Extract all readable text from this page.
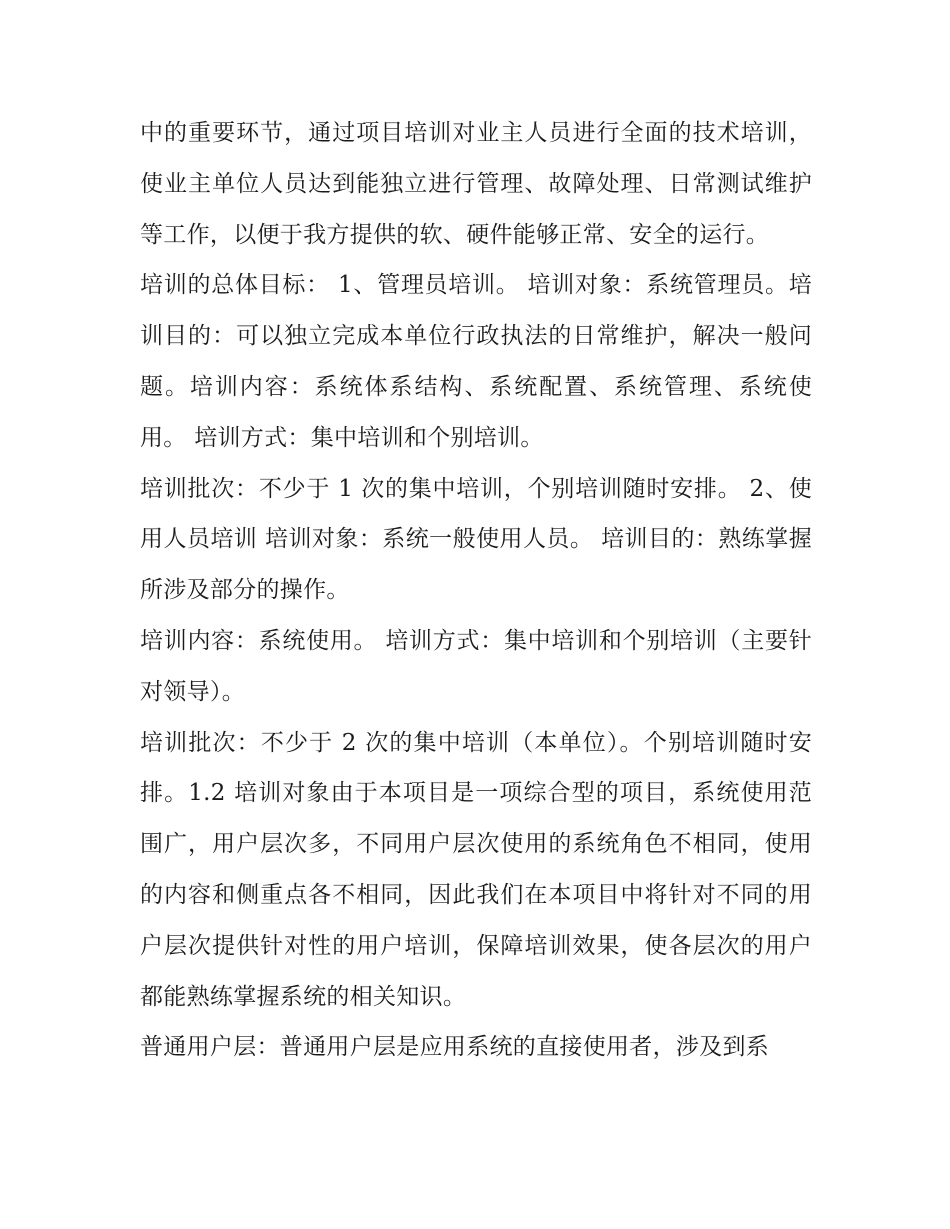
中的重要环节，通过项目培训对业主人员进行全面的技术培训，使业主单位人员达到能独立进行管理、故障处理、日常测试维护等工作，以便于我方提供的软、硬件能够正常、安全的运行。

培训的总体目标： 1、管理员培训。 培训对象：系统管理员。培训目的：可以独立完成本单位行政执法的日常维护，解决一般问题。培训内容：系统体系结构、系统配置、系统管理、系统使用。 培训方式：集中培训和个别培训。

培训批次：不少于 1 次的集中培训，个别培训随时安排。 2、使用人员培训 培训对象：系统一般使用人员。 培训目的：熟练掌握所涉及部分的操作。

培训内容：系统使用。 培训方式：集中培训和个别培训（主要针对领导）。

培训批次：不少于 2 次的集中培训（本单位）。个别培训随时安排。1.2 培训对象由于本项目是一项综合型的项目，系统使用范围广，用户层次多，不同用户层次使用的系统角色不相同，使用的内容和侧重点各不相同，因此我们在本项目中将针对不同的用户层次提供针对性的用户培训，保障培训效果，使各层次的用户都能熟练掌握系统的相关知识。

普通用户层：普通用户层是应用系统的直接使用者，涉及到系
